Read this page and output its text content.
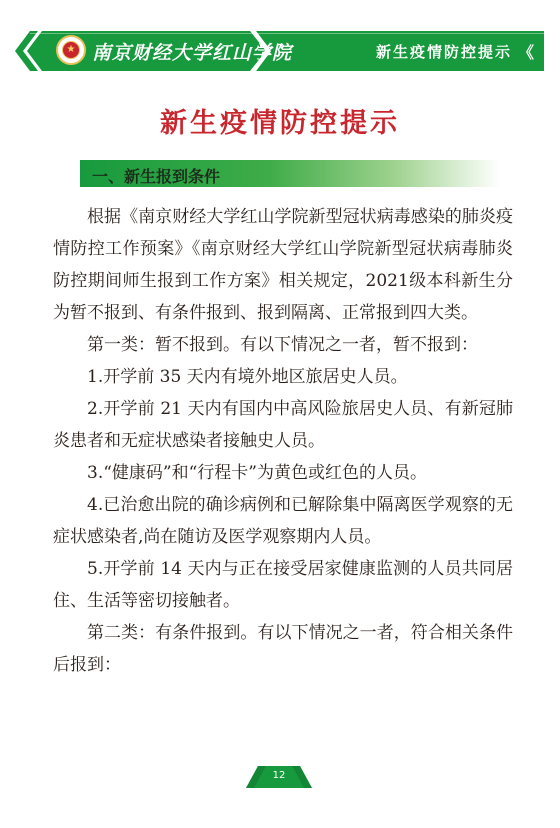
★ 南京财经大学红山学院	新生疫情防控提示 《
新生疫情防控提示
一、新生报到条件

根据《南京财经大学红山学院新型冠状病毒感染的肺炎疫情防控工作预案》《南京财经大学红山学院新型冠状病毒肺炎防控期间师生报到工作方案》相关规定，2021级本科新生分为暂不报到、有条件报到、报到隔离、正常报到四大类。

第一类：暂不报到。有以下情况之一者，暂不报到：

1.开学前 35 天内有境外地区旅居史人员。

2.开学前 21 天内有国内中高风险旅居史人员、有新冠肺炎患者和无症状感染者接触史人员。

3.“健康码”和“行程卡”为黄色或红色的人员。

4.已治愈出院的确诊病例和已解除集中隔离医学观察的无症状感染者,尚在随访及医学观察期内人员。

5.开学前 14 天内与正在接受居家健康监测的人员共同居住、生活等密切接触者。

第二类：有条件报到。有以下情况之一者，符合相关条件后报到：

12
